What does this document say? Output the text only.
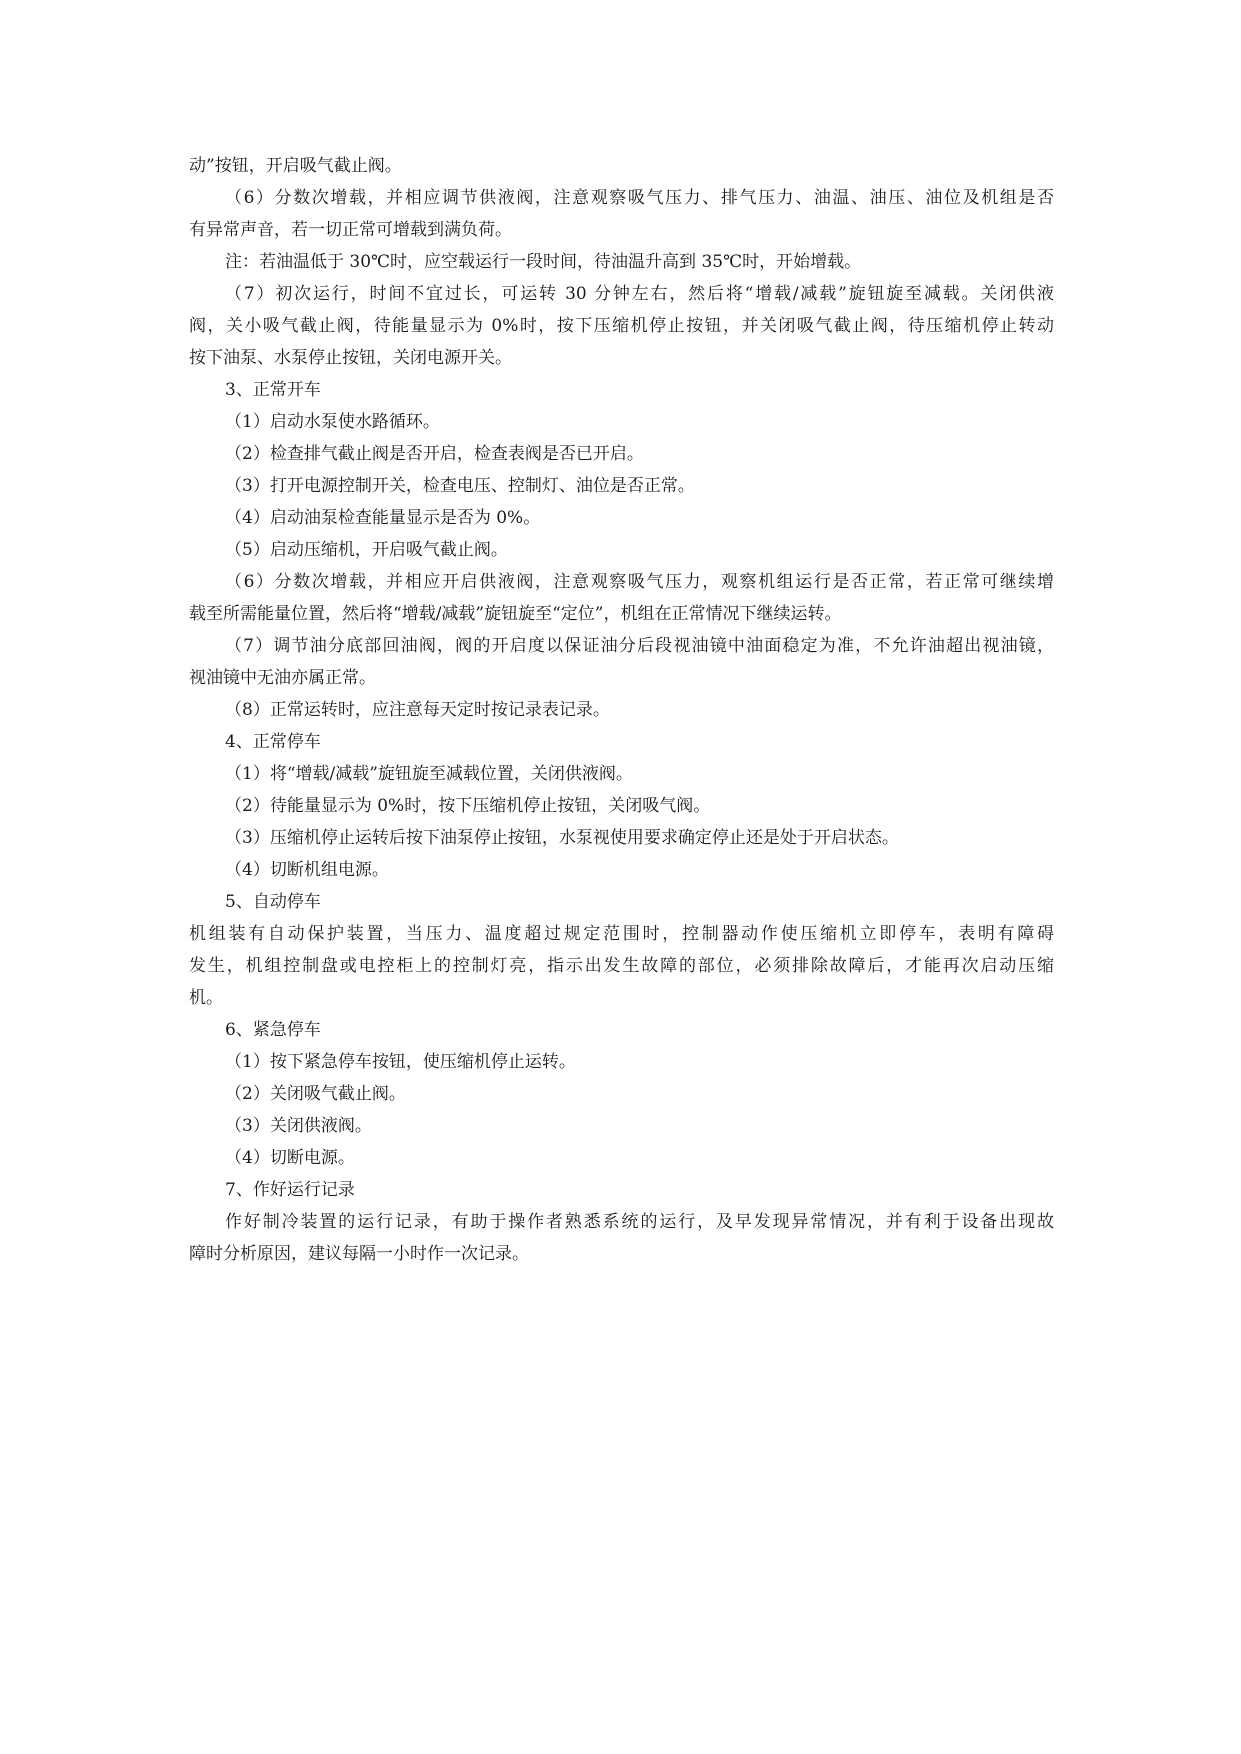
动”按钮，开启吸气截止阀。

（6）分数次增载，并相应调节供液阀，注意观察吸气压力、排气压力、油温、油压、油位及机组是否

有异常声音，若一切正常可增载到满负荷。

注：若油温低于 30℃时，应空载运行一段时间，待油温升高到 35℃时，开始增载。

（7）初次运行，时间不宜过长，可运转 30 分钟左右，然后将“增载/减载”旋钮旋至减载。关闭供液

阀，关小吸气截止阀，待能量显示为 0%时，按下压缩机停止按钮，并关闭吸气截止阀，待压缩机停止转动

按下油泵、水泵停止按钮，关闭电源开关。

3、正常开车

（1）启动水泵使水路循环。

（2）检查排气截止阀是否开启，检查表阀是否已开启。

（3）打开电源控制开关，检查电压、控制灯、油位是否正常。

（4）启动油泵检查能量显示是否为 0%。

（5）启动压缩机，开启吸气截止阀。

（6）分数次增载，并相应开启供液阀，注意观察吸气压力，观察机组运行是否正常，若正常可继续增

载至所需能量位置，然后将“增载/减载”旋钮旋至“定位”，机组在正常情况下继续运转。

（7）调节油分底部回油阀，阀的开启度以保证油分后段视油镜中油面稳定为准，不允许油超出视油镜，

视油镜中无油亦属正常。

（8）正常运转时，应注意每天定时按记录表记录。

4、正常停车

（1）将“增载/减载”旋钮旋至减载位置，关闭供液阀。

（2）待能量显示为 0%时，按下压缩机停止按钮，关闭吸气阀。

（3）压缩机停止运转后按下油泵停止按钮，水泵视使用要求确定停止还是处于开启状态。

（4）切断机组电源。

5、自动停车

机组装有自动保护装置，当压力、温度超过规定范围时，控制器动作使压缩机立即停车，表明有障碍

发生，机组控制盘或电控柜上的控制灯亮，指示出发生故障的部位，必须排除故障后，才能再次启动压缩

机。

6、紧急停车

（1）按下紧急停车按钮，使压缩机停止运转。

（2）关闭吸气截止阀。

（3）关闭供液阀。

（4）切断电源。

7、作好运行记录

作好制冷装置的运行记录，有助于操作者熟悉系统的运行，及早发现异常情况，并有利于设备出现故

障时分析原因，建议每隔一小时作一次记录。
